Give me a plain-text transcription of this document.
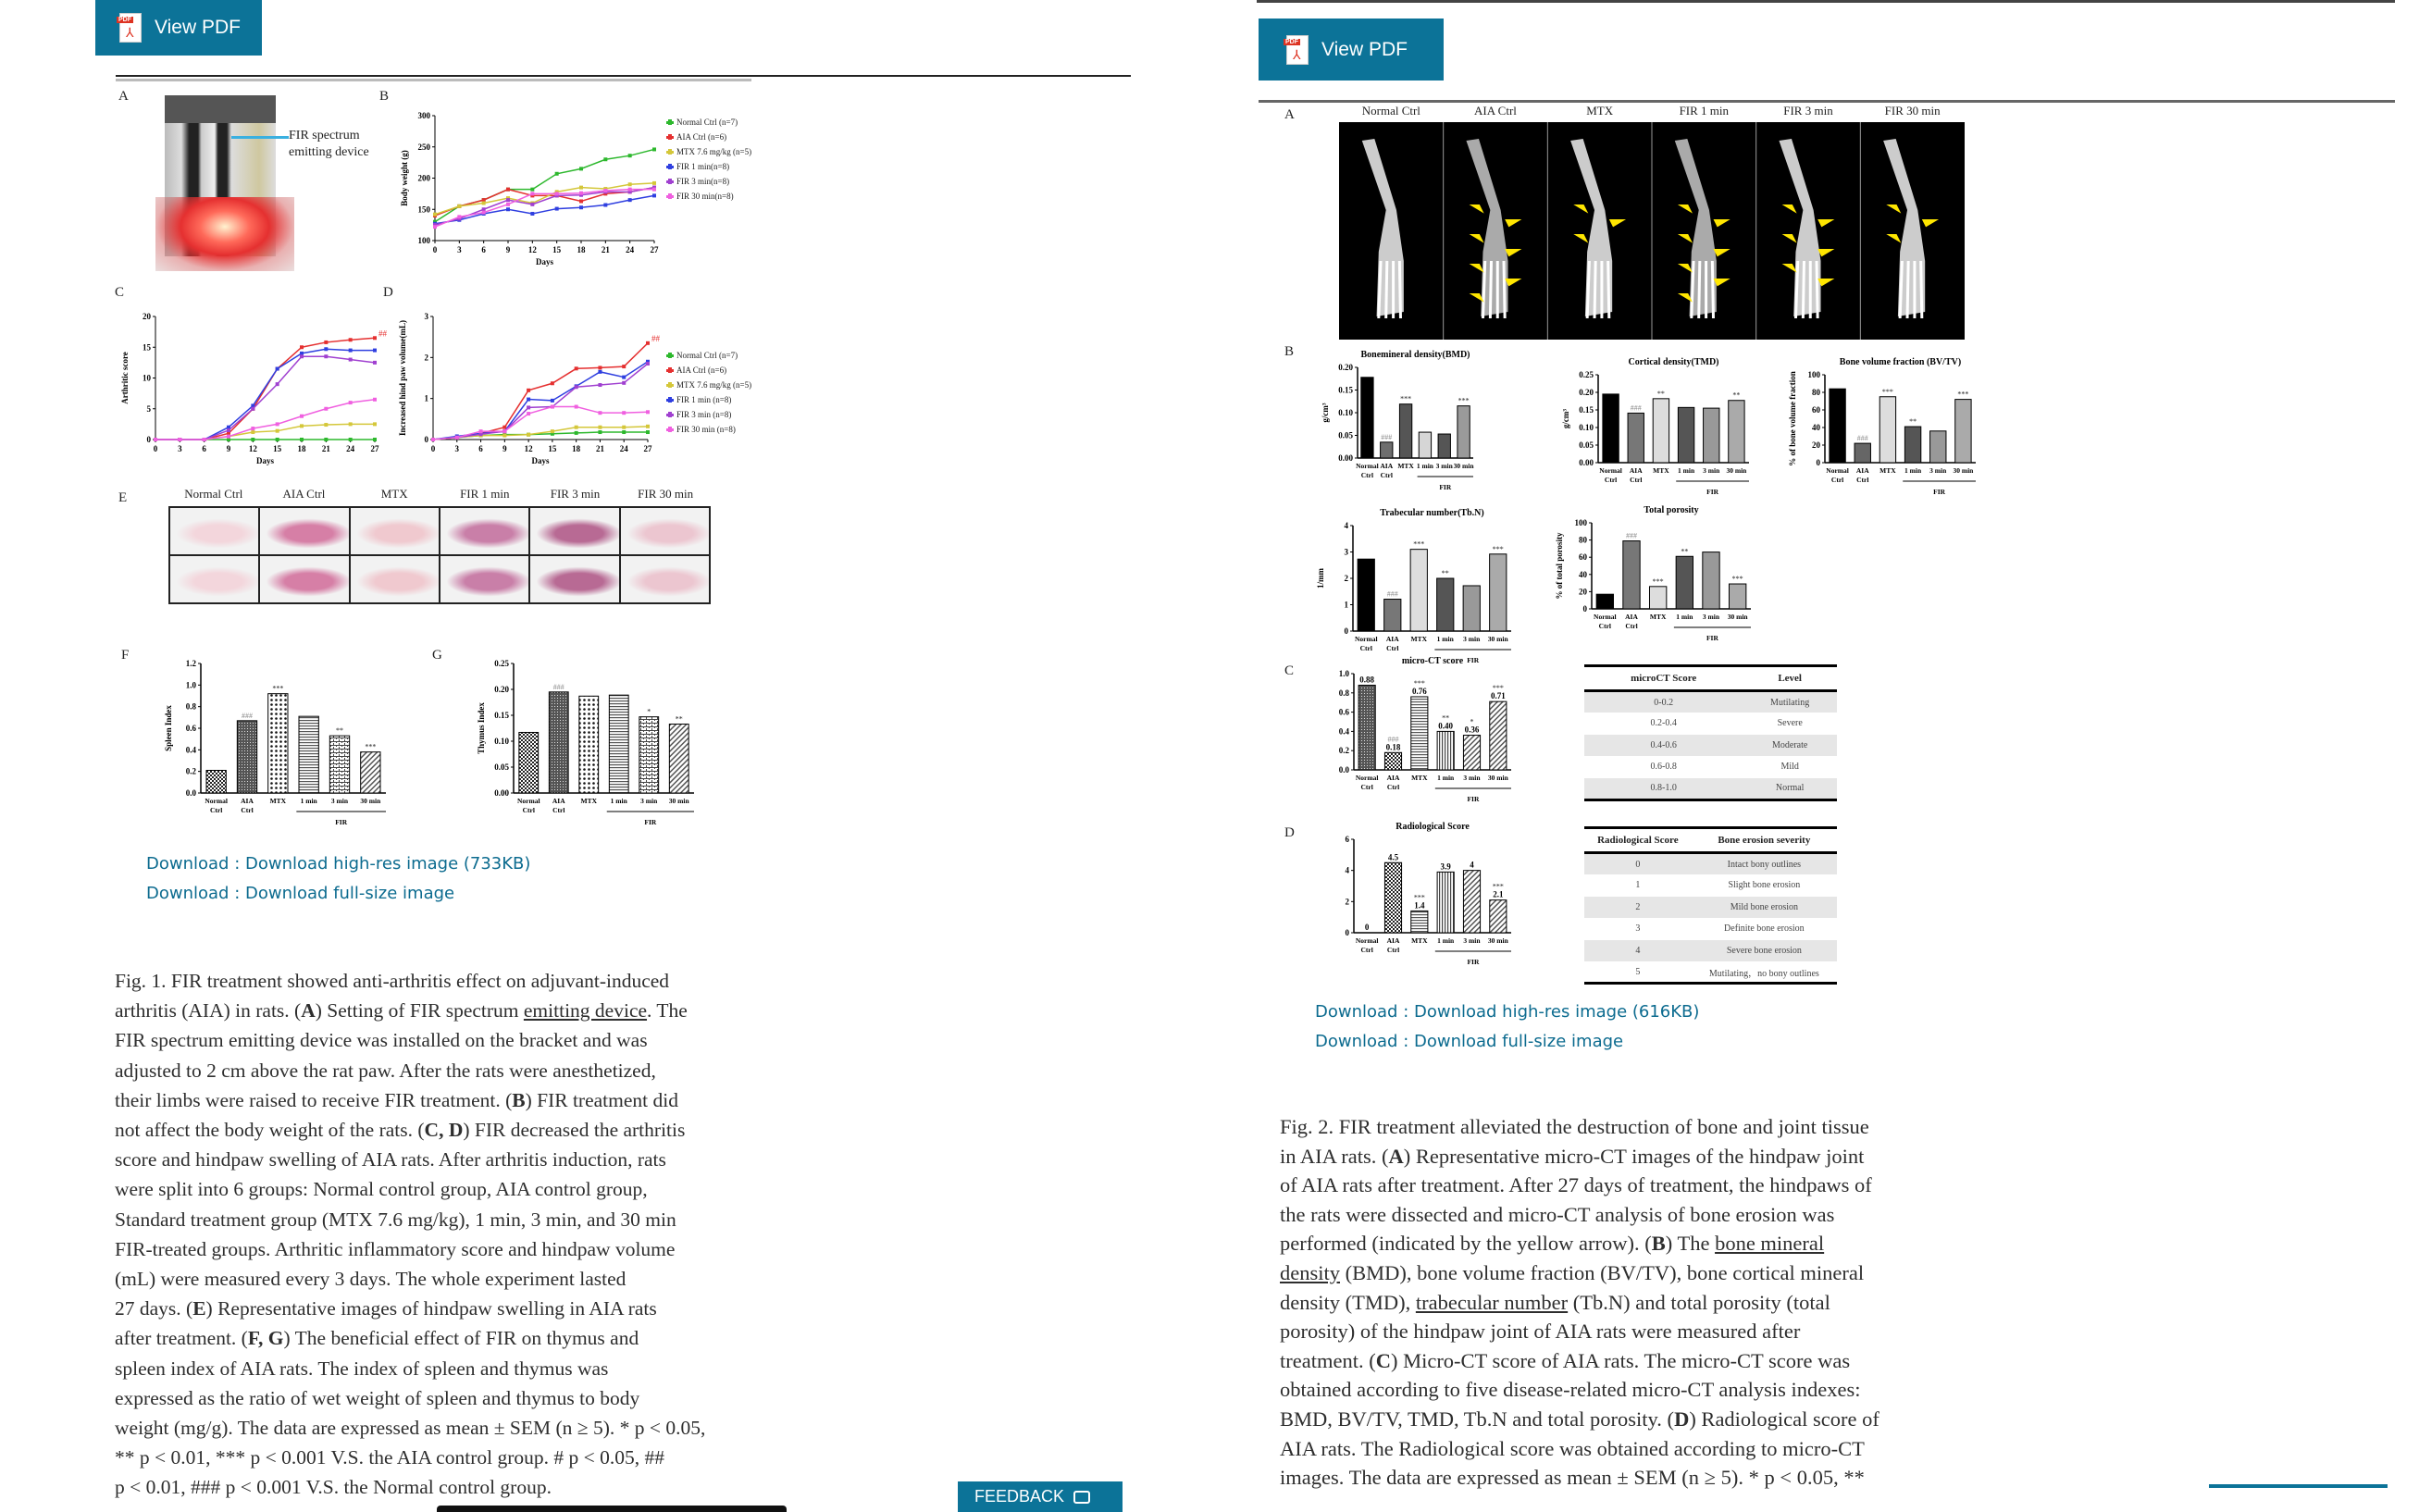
PDF
⅄ View PDF
A
FIR spectrum
emitting device
B
100
150
200
250
300
0 3 6 9 12 15 18 21 24 27
Days
Body weight (g)
Normal Ctrl (n=7)
AIA Ctrl (n=6)
MTX 7.6 mg/kg (n=5)
FIR 1 min(n=8)
FIR 3 min(n=8)
FIR 30 min(n=8)
C
0
5
10
15
20
0 3 6 9 12 15 18 21 24 27
Days
Arthritic score
##
D
0
1
2
3
0 3 6 9 12 15 18 21 24 27
Days
Increased hind paw volume(mL)	##
Normal Ctrl (n=7)
AIA Ctrl (n=6)
MTX 7.6 mg/kg (n=5)
FIR 1 min (n=8)
FIR 3 min (n=8)
FIR 30 min (n=8)
E	Normal Ctrl	AIA Ctrl	MTX	FIR 1 min	FIR 3 min	FIR 30 min
F
0.0
0.2
0.4
0.6
0.8
1.0
1.2
Spleen Index
Normal
Ctrl
###
AIA
Ctrl
***
MTX 1 min
**
3 min
***
30 min
FIR
G
0.00
0.05
0.10
0.15
0.20
0.25
Thymus Index
Normal
Ctrl
###
AIA
Ctrl
MTX 1 min
*
3 min
**
30 min
FIR
Download : Download high-res image (733KB)
Download : Download full-size image
Fig. 1. FIR treatment showed anti-arthritis effect on adjuvant-induced
arthritis (AIA) in rats. (A) Setting of FIR spectrum emitting device. The
FIR spectrum emitting device was installed on the bracket and was
adjusted to 2 cm above the rat paw. After the rats were anesthetized,
their limbs were raised to receive FIR treatment. (B) FIR treatment did
not affect the body weight of the rats. (C, D) FIR decreased the arthritis
score and hindpaw swelling of AIA rats. After arthritis induction, rats
were split into 6 groups: Normal control group, AIA control group,
Standard treatment group (MTX 7.6 mg/kg), 1 min, 3 min, and 30 min
FIR-treated groups. Arthritic inflammatory score and hindpaw volume
(mL) were measured every 3 days. The whole experiment lasted
27 days. (E) Representative images of hindpaw swelling in AIA rats
after treatment. (F, G) The beneficial effect of FIR on thymus and
spleen index of AIA rats. The index of spleen and thymus was
expressed as the ratio of wet weight of spleen and thymus to body
weight (mg/g). The data are expressed as mean ± SEM (n ≥ 5). * p < 0.05,
** p < 0.01, *** p < 0.001 V.S. the AIA control group. # p < 0.05, ##
p < 0.01, ### p < 0.001 V.S. the Normal control group.	FEEDBACK
PDF
⅄ View PDF
A	Normal Ctrl	AIA Ctrl	MTX	FIR 1 min	FIR 3 min	FIR 30 min
B	Bonemineral density(BMD)
0.00
0.05
0.10
0.15
0.20
g/cm³
Normal
Ctrl
###
AIA
Ctrl
***
MTX 1 min 3 min
***
30 min
FIR
Cortical density(TMD)
0.00
0.05
0.10
0.15
0.20
0.25
g/cm³
Normal
Ctrl
###
AIA
Ctrl
**
MTX 1 min 3 min
**
30 min
FIR
Bone volume fraction (BV/TV)
0
20
40
60
80
100
% of bone volume fraction
Normal
Ctrl
###
AIA
Ctrl
***
MTX
**
1 min 3 min
***
30 min
FIR
Trabecular number(Tb.N)
0
1
2
3
4
1/mm
Normal
Ctrl
###
AIA
Ctrl
***
MTX
**
1 min 3 min
***
30 min
FIR
Total porosity
0
20
40
60
80
100
% of total porosity
Normal
Ctrl
###
AIA
Ctrl
***
MTX
**
1 min 3 min
***
30 min
FIR
C
micro-CT score
0.0
0.2
0.4
0.6
0.8
1.0
0.88
Normal
Ctrl
0.18
###
AIA
Ctrl
0.76
***
MTX
0.40
**
1 min
0.36
*
3 min
0.71
***
30 min
FIR
microCT Score	Level
0-0.2	Mutilating
0.2-0.4	Severe
0.4-0.6	Moderate
0.6-0.8	Mild
0.8-1.0	Normal
D	Radiological Score
0
2
4
6
0
Normal
Ctrl
4.5
AIA
Ctrl
1.4
***
MTX
3.9
1 min
4
3 min
2.1
***
30 min
FIR
Radiological Score	Bone erosion severity
0	Intact bony outlines
1	Slight bone erosion
2	Mild bone erosion
3	Definite bone erosion
4	Severe bone erosion
5	Mutilating，no bony outlines
Download : Download high-res image (616KB)
Download : Download full-size image
Fig. 2. FIR treatment alleviated the destruction of bone and joint tissue
in AIA rats. (A) Representative micro-CT images of the hindpaw joint
of AIA rats after treatment. After 27 days of treatment, the hindpaws of
the rats were dissected and micro-CT analysis of bone erosion was
performed (indicated by the yellow arrow). (B) The bone mineral
density (BMD), bone volume fraction (BV/TV), bone cortical mineral
density (TMD), trabecular number (Tb.N) and total porosity (total
porosity) of the hindpaw joint of AIA rats were measured after
treatment. (C) Micro-CT score of AIA rats. The micro-CT score was
obtained according to five disease-related micro-CT analysis indexes:
BMD, BV/TV, TMD, Tb.N and total porosity. (D) Radiological score of
AIA rats. The Radiological score was obtained according to micro-CT
images. The data are expressed as mean ± SEM (n ≥ 5). * p < 0.05, **
